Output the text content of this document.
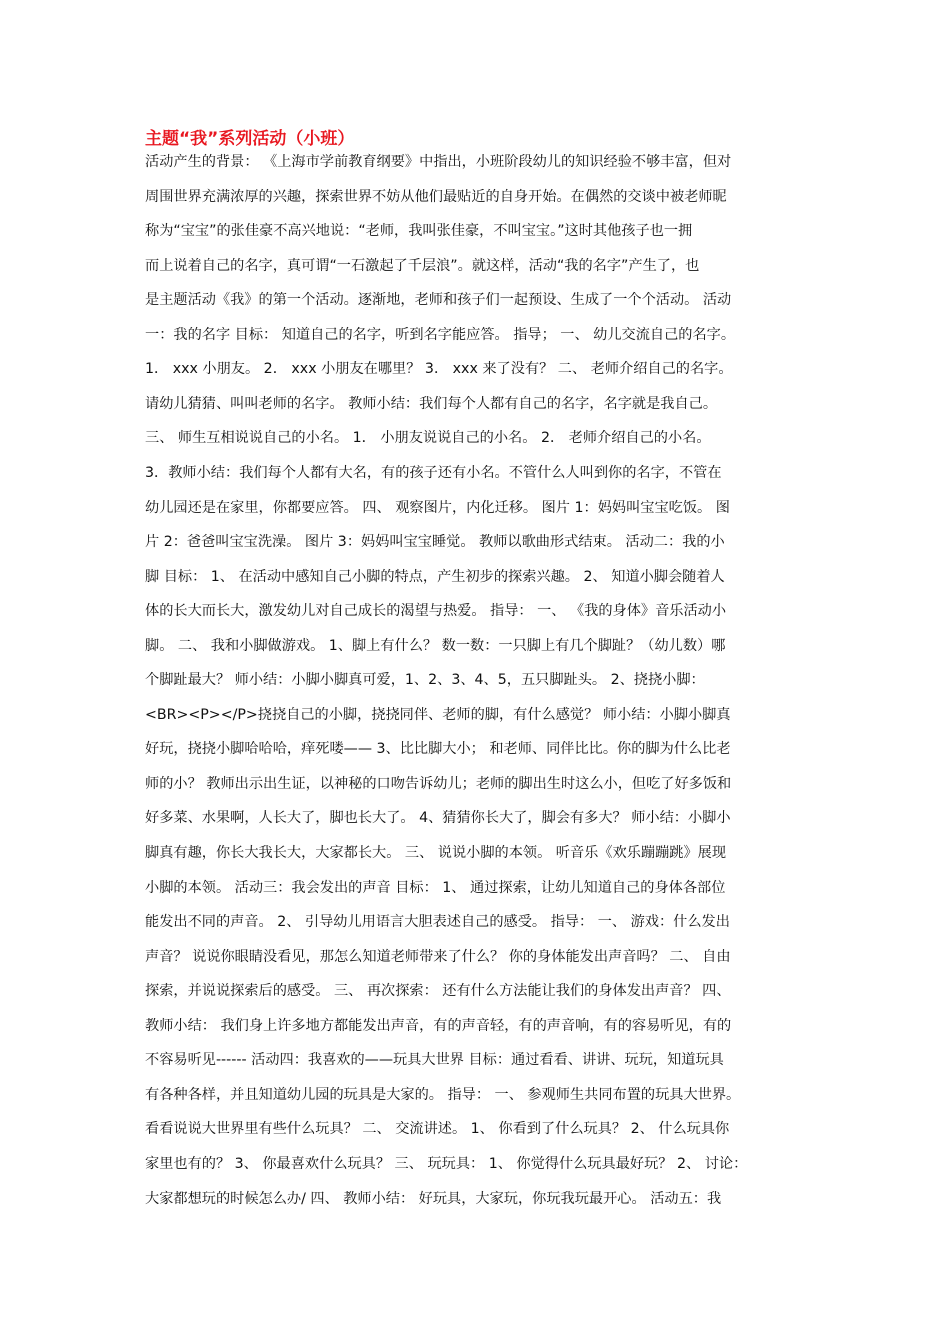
主题“我”系列活动（小班）

活动产生的背景： 《上海市学前教育纲要》中指出，小班阶段幼儿的知识经验不够丰富，但对

周围世界充满浓厚的兴趣，探索世界不妨从他们最贴近的自身开始。在偶然的交谈中被老师昵

称为“宝宝”的张佳豪不高兴地说：“老师，我叫张佳豪，不叫宝宝。”这时其他孩子也一拥

而上说着自己的名字，真可谓“一石激起了千层浪”。就这样，活动“我的名字”产生了，也

是主题活动《我》的第一个活动。逐渐地，老师和孩子们一起预设、生成了一个个活动。 活动

一：我的名字 目标： 知道自己的名字，听到名字能应答。 指导； 一、 幼儿交流自己的名字。

1． xxx 小朋友。 2． xxx 小朋友在哪里？ 3． xxx 来了没有？ 二、 老师介绍自己的名字。

请幼儿猜猜、叫叫老师的名字。 教师小结：我们每个人都有自己的名字，名字就是我自己。

三、 师生互相说说自己的小名。 1． 小朋友说说自己的小名。 2． 老师介绍自己的小名。

3．教师小结：我们每个人都有大名，有的孩子还有小名。不管什么人叫到你的名字，不管在

幼儿园还是在家里，你都要应答。 四、 观察图片，内化迁移。 图片 1：妈妈叫宝宝吃饭。 图

片 2：爸爸叫宝宝洗澡。 图片 3：妈妈叫宝宝睡觉。 教师以歌曲形式结束。 活动二：我的小

脚 目标： 1、 在活动中感知自己小脚的特点，产生初步的探索兴趣。 2、 知道小脚会随着人

体的长大而长大，激发幼儿对自己成长的渴望与热爱。 指导： 一、 《我的身体》音乐活动小

脚。 二、 我和小脚做游戏。 1、脚上有什么？ 数一数：一只脚上有几个脚趾？（幼儿数）哪

个脚趾最大？ 师小结：小脚小脚真可爱，1、2、3、4、5，五只脚趾头。 2、挠挠小脚：

<BR><P></P>挠挠自己的小脚，挠挠同伴、老师的脚，有什么感觉？ 师小结：小脚小脚真

好玩，挠挠小脚哈哈哈，痒死喽—— 3、比比脚大小； 和老师、同伴比比。你的脚为什么比老

师的小？ 教师出示出生证，以神秘的口吻告诉幼儿；老师的脚出生时这么小，但吃了好多饭和

好多菜、水果啊，人长大了，脚也长大了。 4、猜猜你长大了，脚会有多大？ 师小结：小脚小

脚真有趣，你长大我长大，大家都长大。 三、 说说小脚的本领。 听音乐《欢乐蹦蹦跳》展现

小脚的本领。 活动三：我会发出的声音 目标： 1、 通过探索，让幼儿知道自己的身体各部位

能发出不同的声音。 2、 引导幼儿用语言大胆表述自己的感受。 指导： 一、 游戏：什么发出

声音？ 说说你眼睛没看见，那怎么知道老师带来了什么？ 你的身体能发出声音吗？ 二、 自由

探索，并说说探索后的感受。 三、 再次探索： 还有什么方法能让我们的身体发出声音？ 四、

教师小结： 我们身上许多地方都能发出声音，有的声音轻，有的声音响，有的容易听见，有的

不容易听见------ 活动四：我喜欢的——玩具大世界 目标：通过看看、讲讲、玩玩，知道玩具

有各种各样，并且知道幼儿园的玩具是大家的。 指导： 一、 参观师生共同布置的玩具大世界。

看看说说大世界里有些什么玩具？ 二、 交流讲述。 1、 你看到了什么玩具？ 2、 什么玩具你

家里也有的？ 3、 你最喜欢什么玩具？ 三、 玩玩具： 1、 你觉得什么玩具最好玩？ 2、 讨论：

大家都想玩的时候怎么办/ 四、 教师小结： 好玩具，大家玩，你玩我玩最开心。 活动五：我
